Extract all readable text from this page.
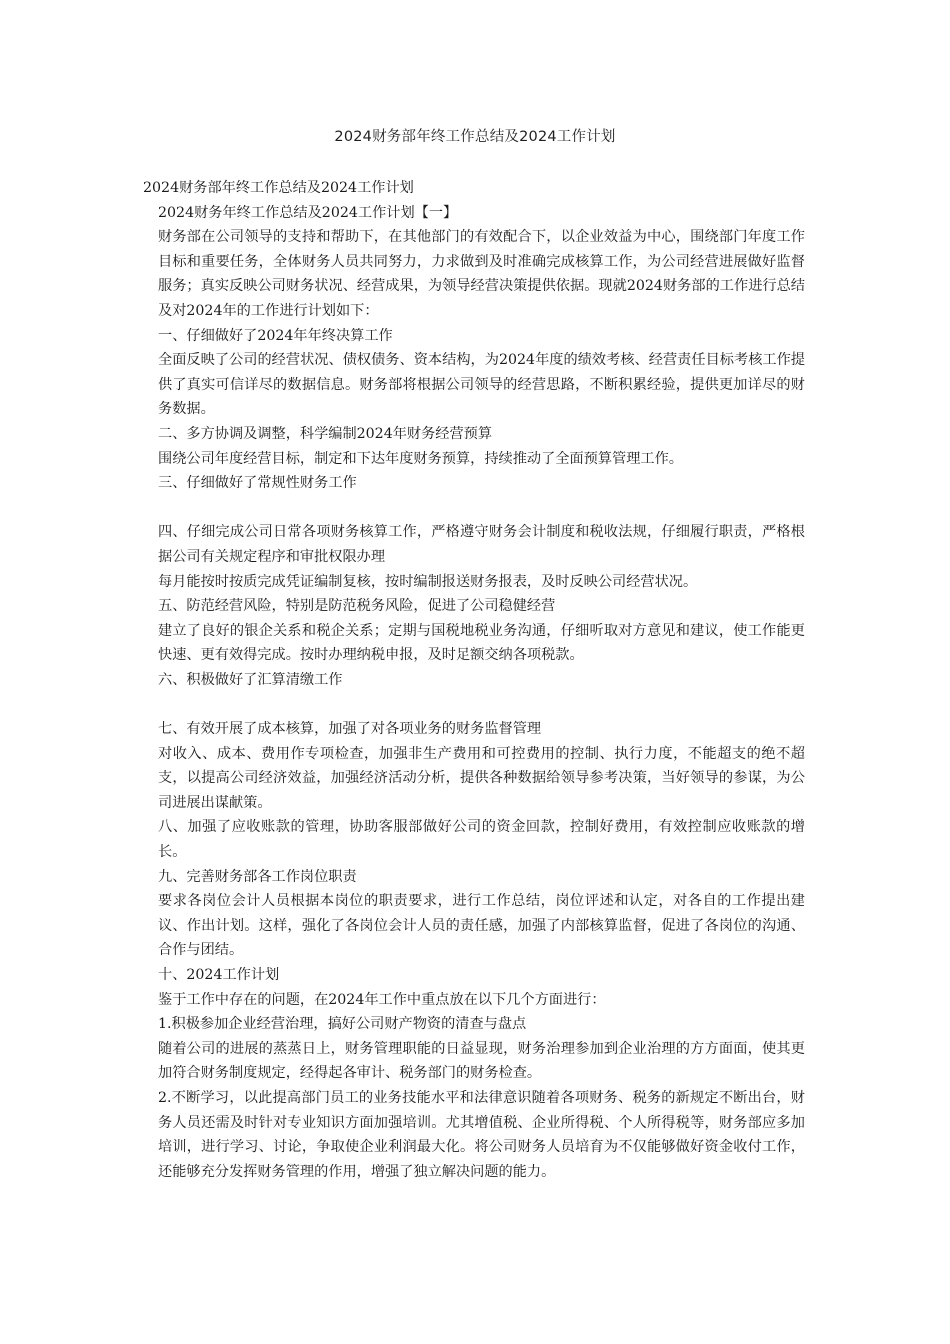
2024财务部年终工作总结及2024工作计划

2024财务部年终工作总结及2024工作计划

2024财务年终工作总结及2024工作计划【一】

财务部在公司领导的支持和帮助下，在其他部门的有效配合下，以企业效益为中心，围绕部门年度工作目标和重要任务，全体财务人员共同努力，力求做到及时准确完成核算工作，为公司经营进展做好监督服务；真实反映公司财务状况、经营成果，为领导经营决策提供依据。现就2024财务部的工作进行总结及对2024年的工作进行计划如下：

一、仔细做好了2024年年终决算工作

全面反映了公司的经营状况、债权债务、资本结构，为2024年度的绩效考核、经营责任目标考核工作提供了真实可信详尽的数据信息。财务部将根据公司领导的经营思路，不断积累经验，提供更加详尽的财务数据。

二、多方协调及调整，科学编制2024年财务经营预算

围绕公司年度经营目标，制定和下达年度财务预算，持续推动了全面预算管理工作。

三、仔细做好了常规性财务工作

四、仔细完成公司日常各项财务核算工作，严格遵守财务会计制度和税收法规，仔细履行职责，严格根据公司有关规定程序和审批权限办理

每月能按时按质完成凭证编制复核，按时编制报送财务报表，及时反映公司经营状况。

五、防范经营风险，特别是防范税务风险，促进了公司稳健经营

建立了良好的银企关系和税企关系；定期与国税地税业务沟通，仔细听取对方意见和建议，使工作能更快速、更有效得完成。按时办理纳税申报，及时足额交纳各项税款。

六、积极做好了汇算清缴工作

七、有效开展了成本核算，加强了对各项业务的财务监督管理

对收入、成本、费用作专项检查，加强非生产费用和可控费用的控制、执行力度，不能超支的绝不超支，以提高公司经济效益，加强经济活动分析，提供各种数据给领导参考决策，当好领导的参谋，为公司进展出谋献策。

八、加强了应收账款的管理，协助客服部做好公司的资金回款，控制好费用，有效控制应收账款的增长。

九、完善财务部各工作岗位职责

要求各岗位会计人员根据本岗位的职责要求，进行工作总结，岗位评述和认定，对各自的工作提出建议、作出计划。这样，强化了各岗位会计人员的责任感，加强了内部核算监督，促进了各岗位的沟通、合作与团结。

十、2024工作计划

鉴于工作中存在的问题，在2024年工作中重点放在以下几个方面进行：

1.积极参加企业经营治理，搞好公司财产物资的清查与盘点

随着公司的进展的蒸蒸日上，财务管理职能的日益显现，财务治理参加到企业治理的方方面面，使其更加符合财务制度规定，经得起各审计、税务部门的财务检查。

2.不断学习，以此提高部门员工的业务技能水平和法律意识随着各项财务、税务的新规定不断出台，财务人员还需及时针对专业知识方面加强培训。尤其增值税、企业所得税、个人所得税等，财务部应多加培训，进行学习、讨论，争取使企业利润最大化。将公司财务人员培育为不仅能够做好资金收付工作，还能够充分发挥财务管理的作用，增强了独立解决问题的能力。
